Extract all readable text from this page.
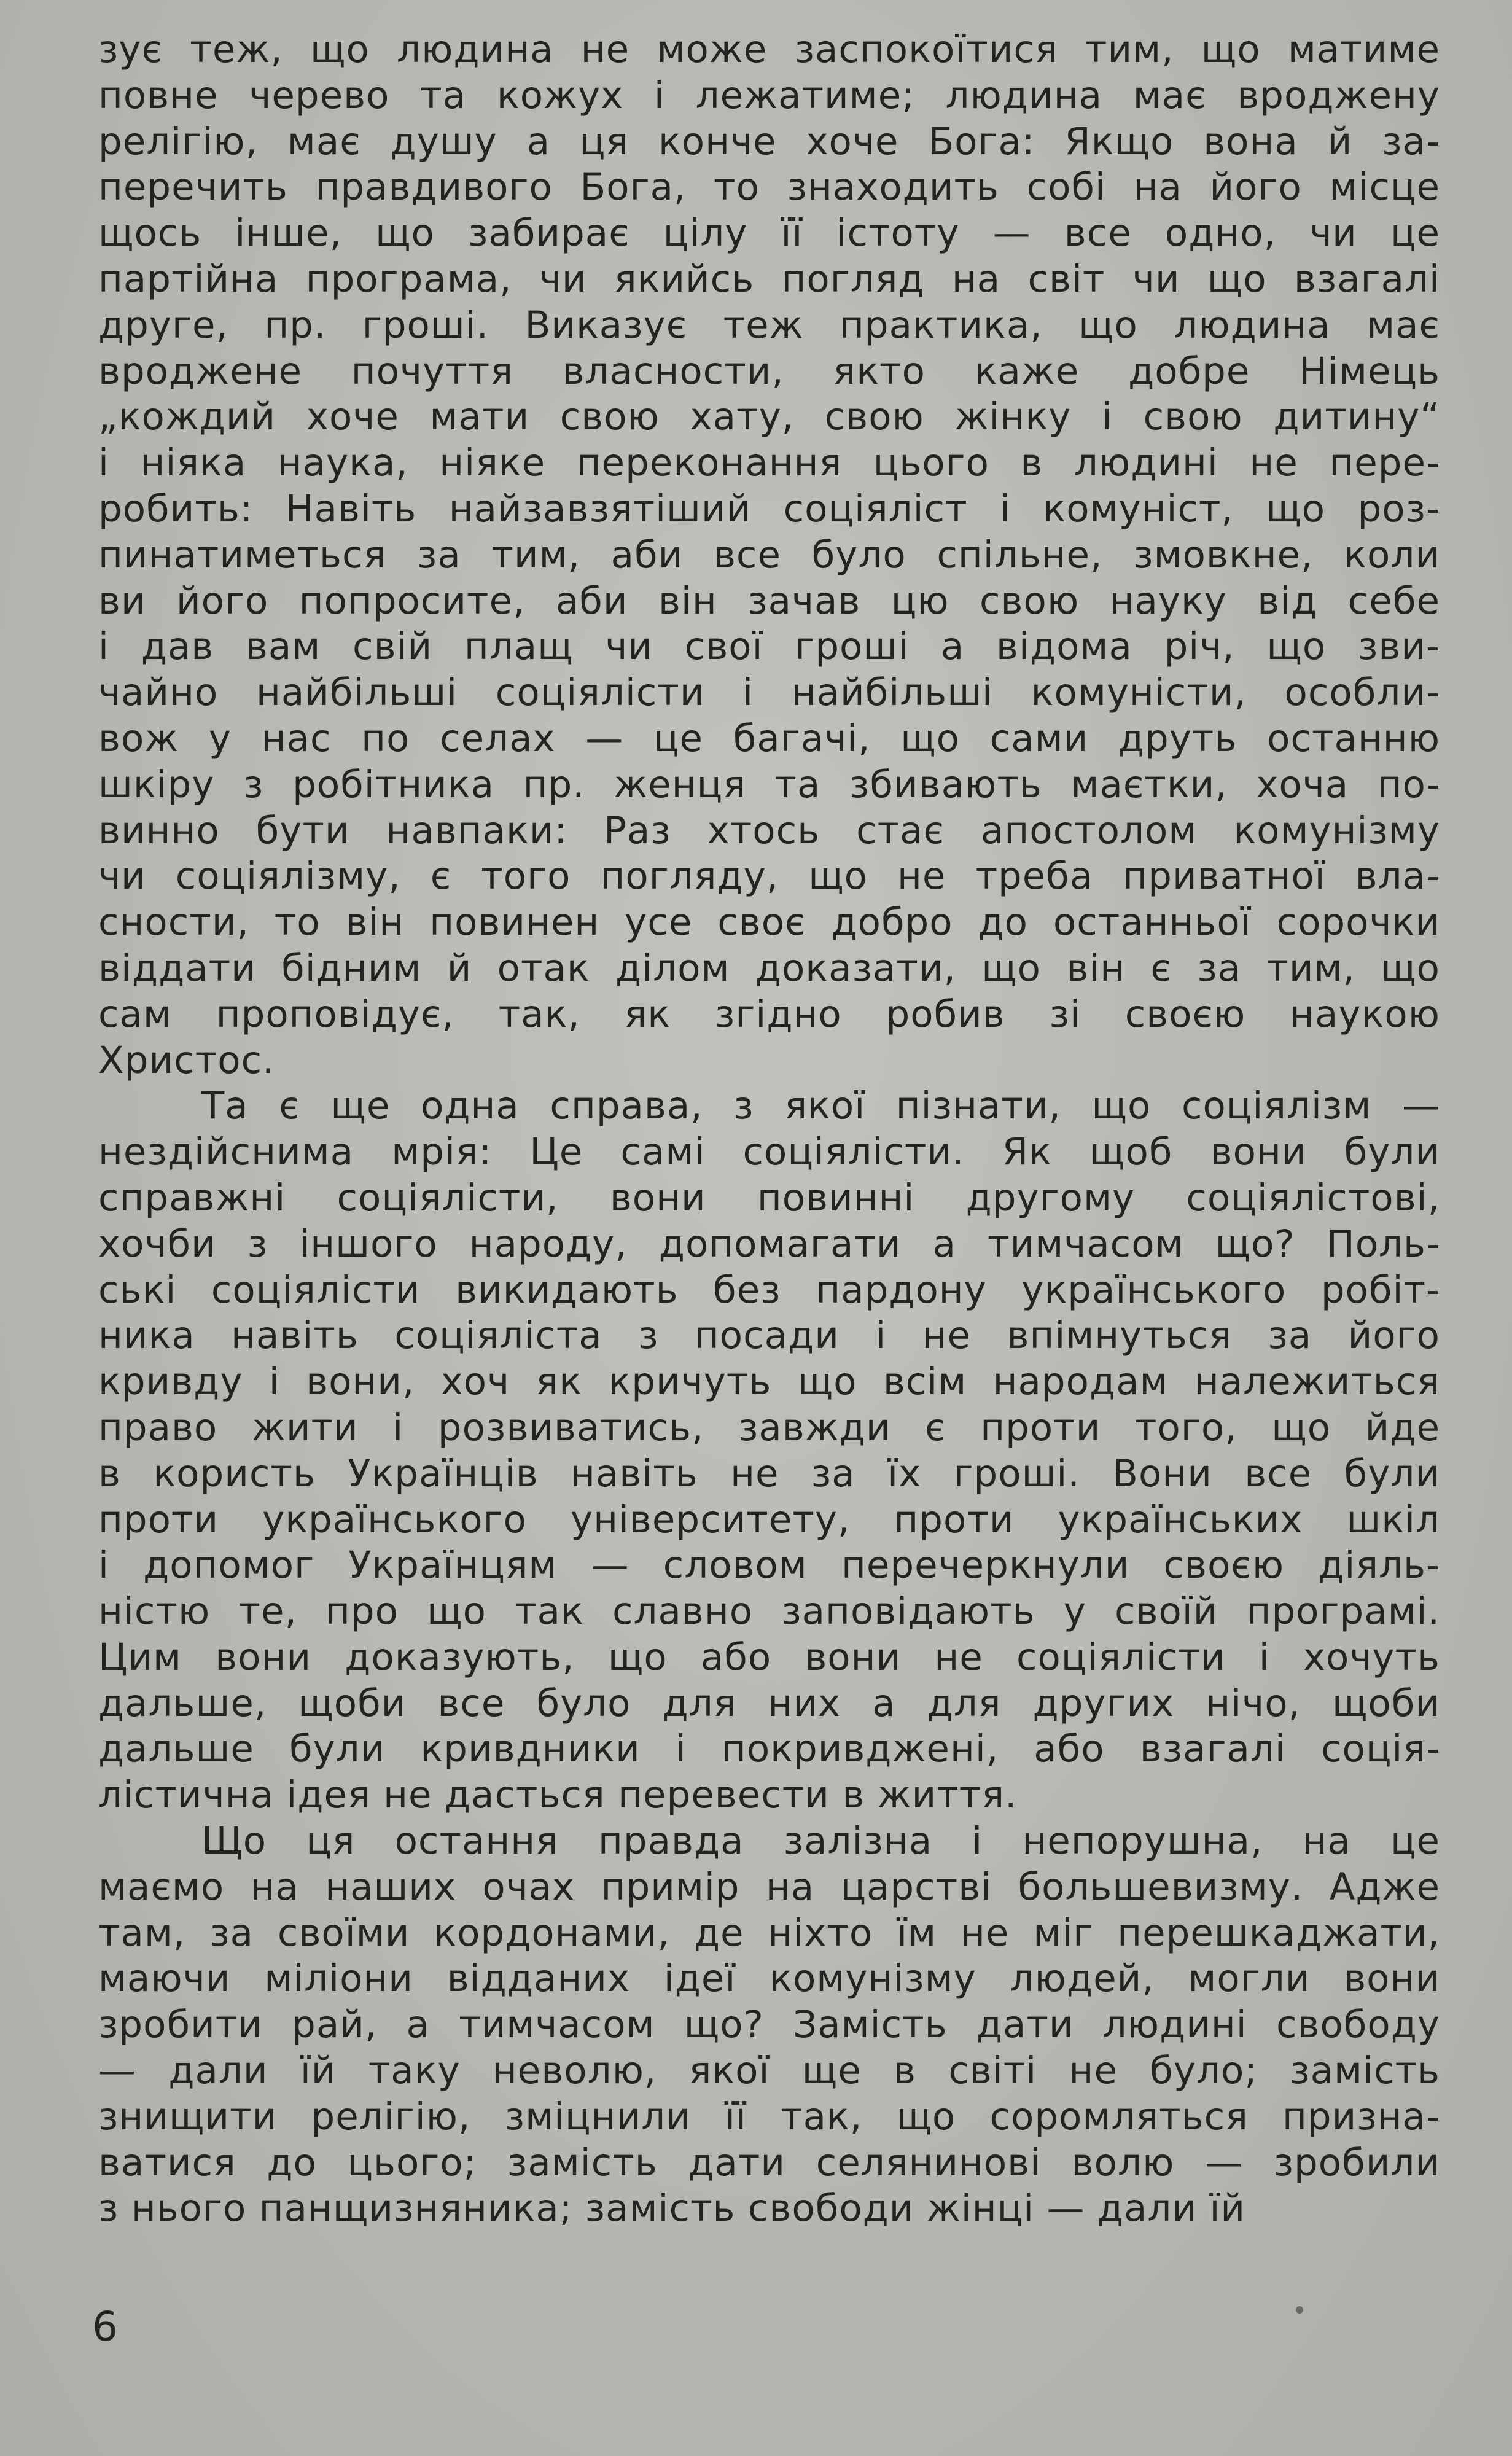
зує теж, що людина не може заспокоїтися тим, що матиме
повне черево та кожух і лежатиме; людина має вроджену
релігію, має душу а ця конче хоче Бога: Якщо вона й за-
перечить правдивого Бога, то знаходить собі на його місце
щось інше, що забирає цілу її істоту — все одно, чи це
партійна програма, чи якийсь погляд на світ чи що взагалі
друге, пр. гроші. Виказує теж практика, що людина має
вроджене почуття власности, якто каже добре Німець
„кождий хоче мати свою хату, свою жінку і свою дитину“
і ніяка наука, ніяке переконання цього в людині не пере-
робить: Навіть найзавзятіший соціяліст і комуніст, що роз-
пинатиметься за тим, аби все було спільне, змовкне, коли
ви його попросите, аби він зачав цю свою науку від себе
і дав вам свій плащ чи свої гроші а відома річ, що зви-
чайно найбільші соціялісти і найбільші комуністи, особли-
вож у нас по селах — це багачі, що сами друть останню
шкіру з робітника пр. женця та збивають маєтки, хоча по-
винно бути навпаки: Раз хтось стає апостолом комунізму
чи соціялізму, є того погляду, що не треба приватної вла-
сности, то він повинен усе своє добро до останньої сорочки
віддати бідним й отак ділом доказати, що він є за тим, що
сам проповідує, так, як згідно робив зі своєю наукою
Христос.
Та є ще одна справа, з якої пізнати, що соціялізм —
нездійснима мрія: Це самі соціялісти. Як щоб вони були
справжні соціялісти, вони повинні другому соціялістові,
хочби з іншого народу, допомагати а тимчасом що? Поль-
ські соціялісти викидають без пардону українського робіт-
ника навіть соціяліста з посади і не впімнуться за його
кривду і вони, хоч як кричуть що всім народам належиться
право жити і розвиватись, завжди є проти того, що йде
в користь Українців навіть не за їх гроші. Вони все були
проти українського університету, проти українських шкіл
і допомог Українцям — словом перечеркнули своєю діяль-
ністю те, про що так славно заповідають у своїй програмі.
Цим вони доказують, що або вони не соціялісти і хочуть
дальше, щоби все було для них а для других нічо, щоби
дальше були кривдники і покривджені, або взагалі соція-
лістична ідея не дасться перевести в життя.
Що ця остання правда залізна і непорушна, на це
маємо на наших очах примір на царстві большевизму. Адже
там, за своїми кордонами, де ніхто їм не міг перешкаджати,
маючи міліони відданих ідеї комунізму людей, могли вони
зробити рай, а тимчасом що? Замість дати людині свободу
— дали їй таку неволю, якої ще в світі не було; замість
знищити релігію, зміцнили її так, що соромляться призна-
ватися до цього; замість дати селянинові волю — зробили
з нього панщизняника; замість свободи жінці — дали їй
6
